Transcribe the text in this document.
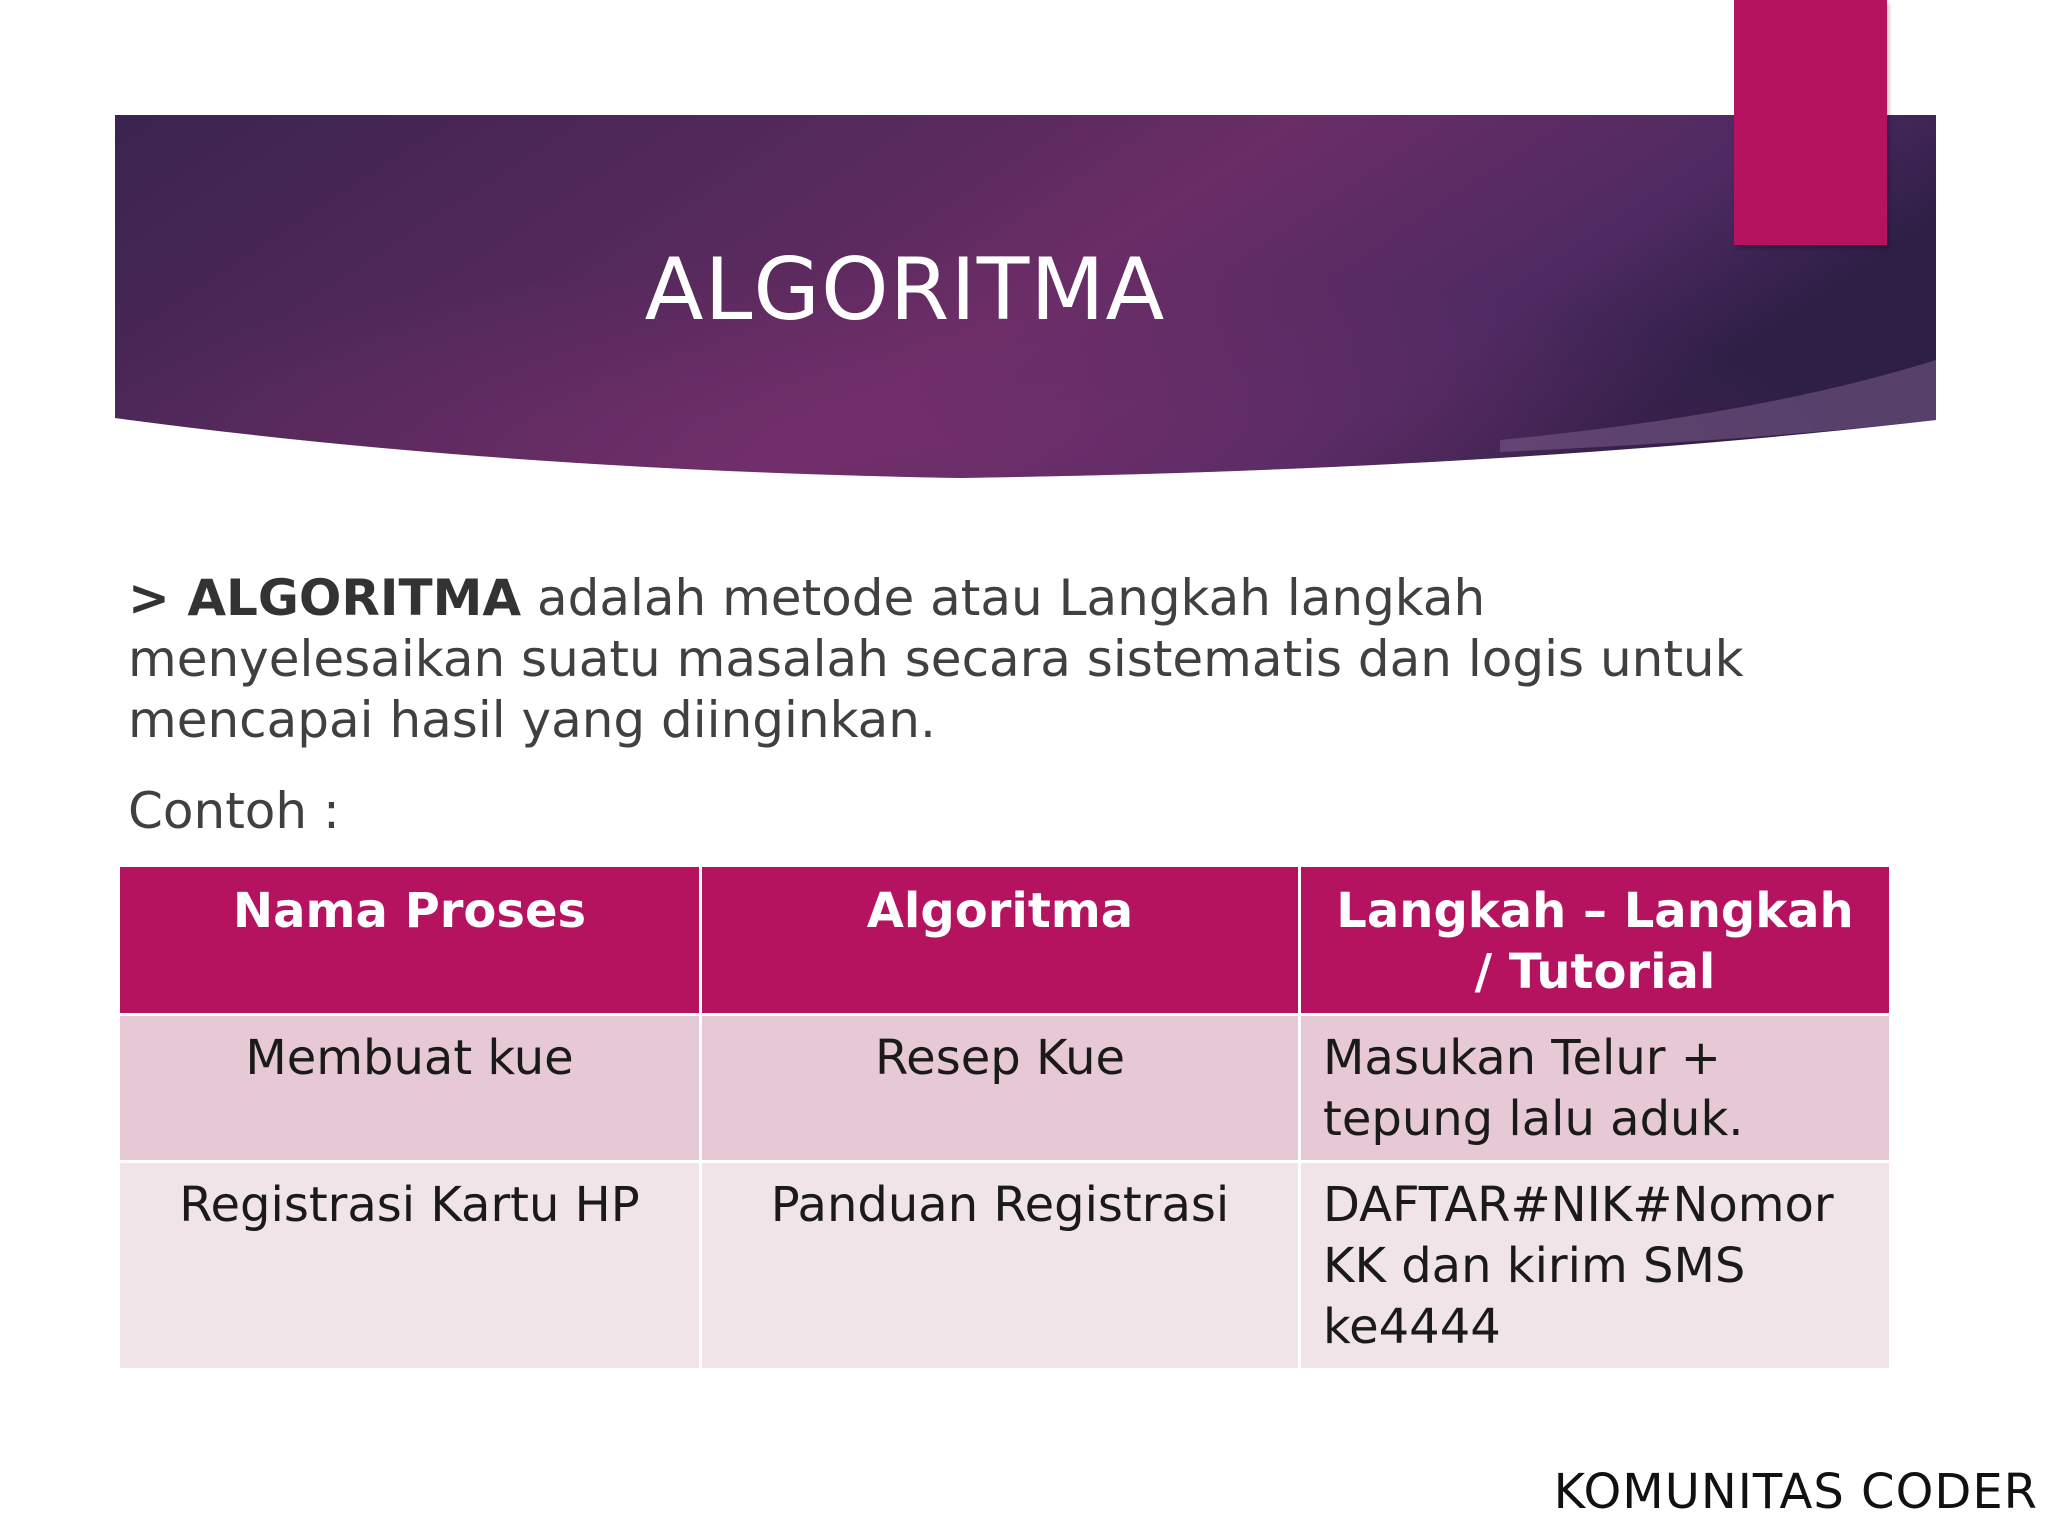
ALGORITMA
> ALGORITMA adalah metode atau Langkah langkah menyelesaikan suatu masalah secara sistematis dan logis untuk mencapai hasil yang diinginkan.
Contoh :
Nama Proses	Algoritma	Langkah – Langkah / Tutorial
Membuat kue	Resep Kue	Masukan Telur + tepung lalu aduk.
Registrasi Kartu HP	Panduan Registrasi	DAFTAR#NIK#Nomor KK dan kirim SMS ke4444
KOMUNITAS CODER
